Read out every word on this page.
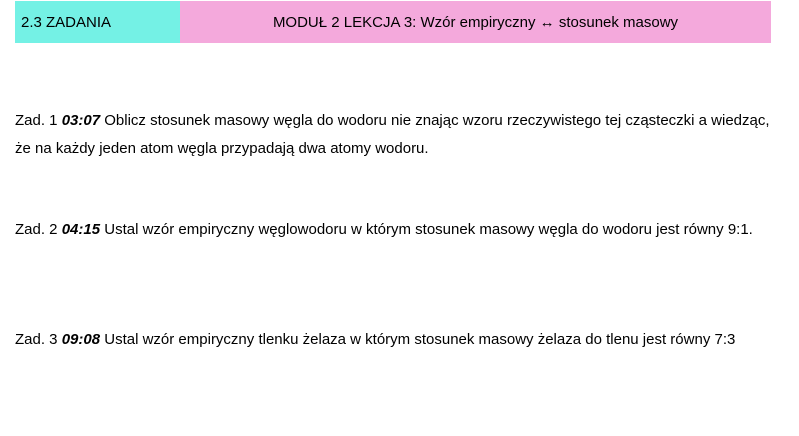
2.3 ZADANIA	MODUŁ 2 LEKCJA 3: Wzór empiryczny ↔ stosunek masowy
Zad. 1 03:07 Oblicz stosunek masowy węgla do wodoru nie znając wzoru rzeczywistego tej cząsteczki a wiedząc, że na każdy jeden atom węgla przypadają dwa atomy wodoru.
Zad. 2 04:15 Ustal wzór empiryczny węglowodoru w którym stosunek masowy węgla do wodoru jest równy 9:1.
Zad. 3 09:08 Ustal wzór empiryczny tlenku żelaza w którym stosunek masowy żelaza do tlenu jest równy 7:3
